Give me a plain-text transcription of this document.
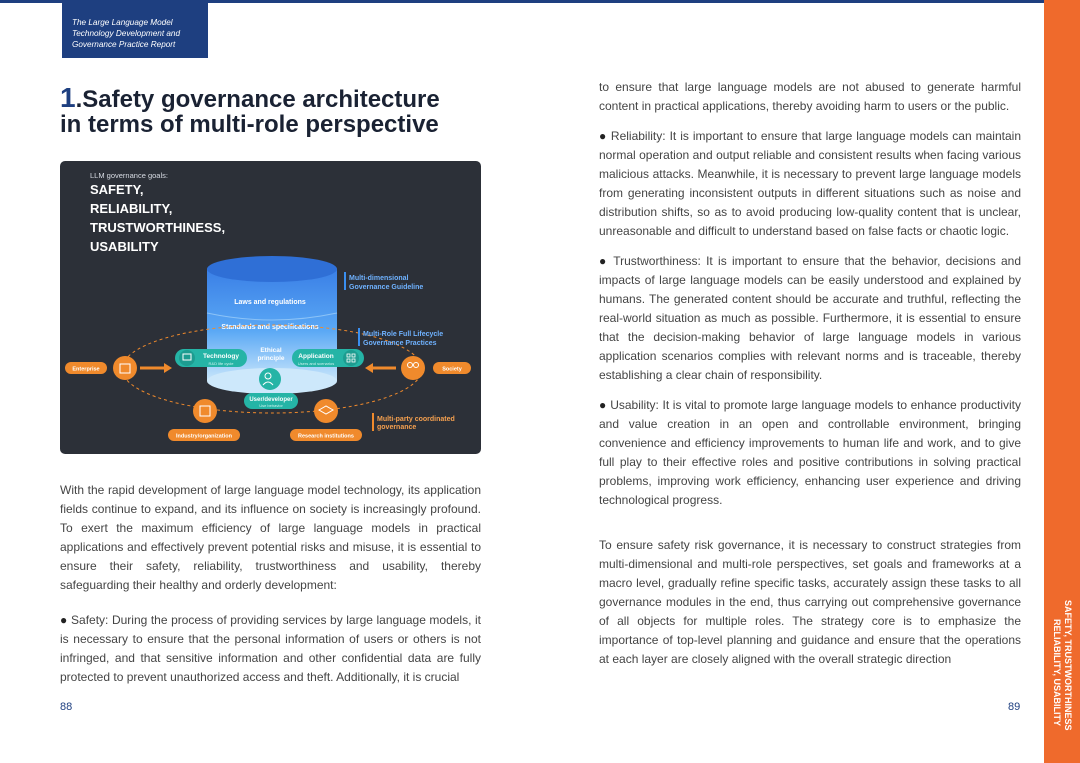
The Large Language Model
Technology Development and
Governance Practice Report
1.Safety governance architecture
in terms of multi-role perspective
LLM governance goals:
SAFETY,
RELIABILITY,
TRUSTWORTHINESS,
USABILITY
Laws and regulations
Standards and specifications
Ethical
principle
Technology
R&D life cycle
Application
Users and scenarios
User/developer
Use behavior
Multi-dimensional
Governance Guideline
Multi-Role Full Lifecycle
Governance Practices
Multi-party coordinated
governance
Enterprise	Society
Industry/organization	Research institutions

With the rapid development of large language model technology, its application fields continue to expand, and its influence on society is increasingly profound. To exert the maximum efficiency of large language models in practical applications and effectively prevent potential risks and misuse, it is essential to ensure their safety, reliability, trustworthiness and usability, thereby safeguarding their healthy and orderly development:

● Safety: During the process of providing services by large language models, it is necessary to ensure that the personal information of users or others is not infringed, and that sensitive information and other confidential data are fully protected to prevent unauthorized access and theft. Additionally, it is crucial

to ensure that large language models are not abused to generate harmful content in practical applications, thereby avoiding harm to users or the public.

● Reliability: It is important to ensure that large language models can maintain normal operation and output reliable and consistent results when facing various malicious attacks. Meanwhile, it is necessary to prevent large language models from generating inconsistent outputs in different situations such as noise and distribution shifts, so as to avoid producing low-quality content that is unclear, unreasonable and difficult to understand based on false facts or chaotic logic.

● Trustworthiness: It is important to ensure that the behavior, decisions and impacts of large language models can be easily understood and explained by humans. The generated content should be accurate and truthful, reflecting the real-world situation as much as possible. Furthermore, it is essential to ensure that the decision-making behavior of large language models in various application scenarios complies with relevant norms and is traceable, thereby establishing a clear chain of responsibility.

● Usability: It is vital to promote large language models to enhance productivity and value creation in an open and controllable environment, bringing convenience and efficiency improvements to human life and work, and to give full play to their effective roles and positive contributions in solving practical problems, improving work efficiency, enhancing user experience and driving technological progress.

To ensure safety risk governance, it is necessary to construct strategies from multi-dimensional and multi-role perspectives, set goals and frameworks at a macro level, gradually refine specific tasks, accurately assign these tasks to all governance modules in the end, thus carrying out comprehensive governance of all objects for multiple roles. The strategy core is to emphasize the importance of top-level planning and guidance and ensure that the operations at each layer are closely aligned with the overall strategic direction

88	89	SAFETY, TRUSTWORTHINESS
RELIABILITY, USABILITY
